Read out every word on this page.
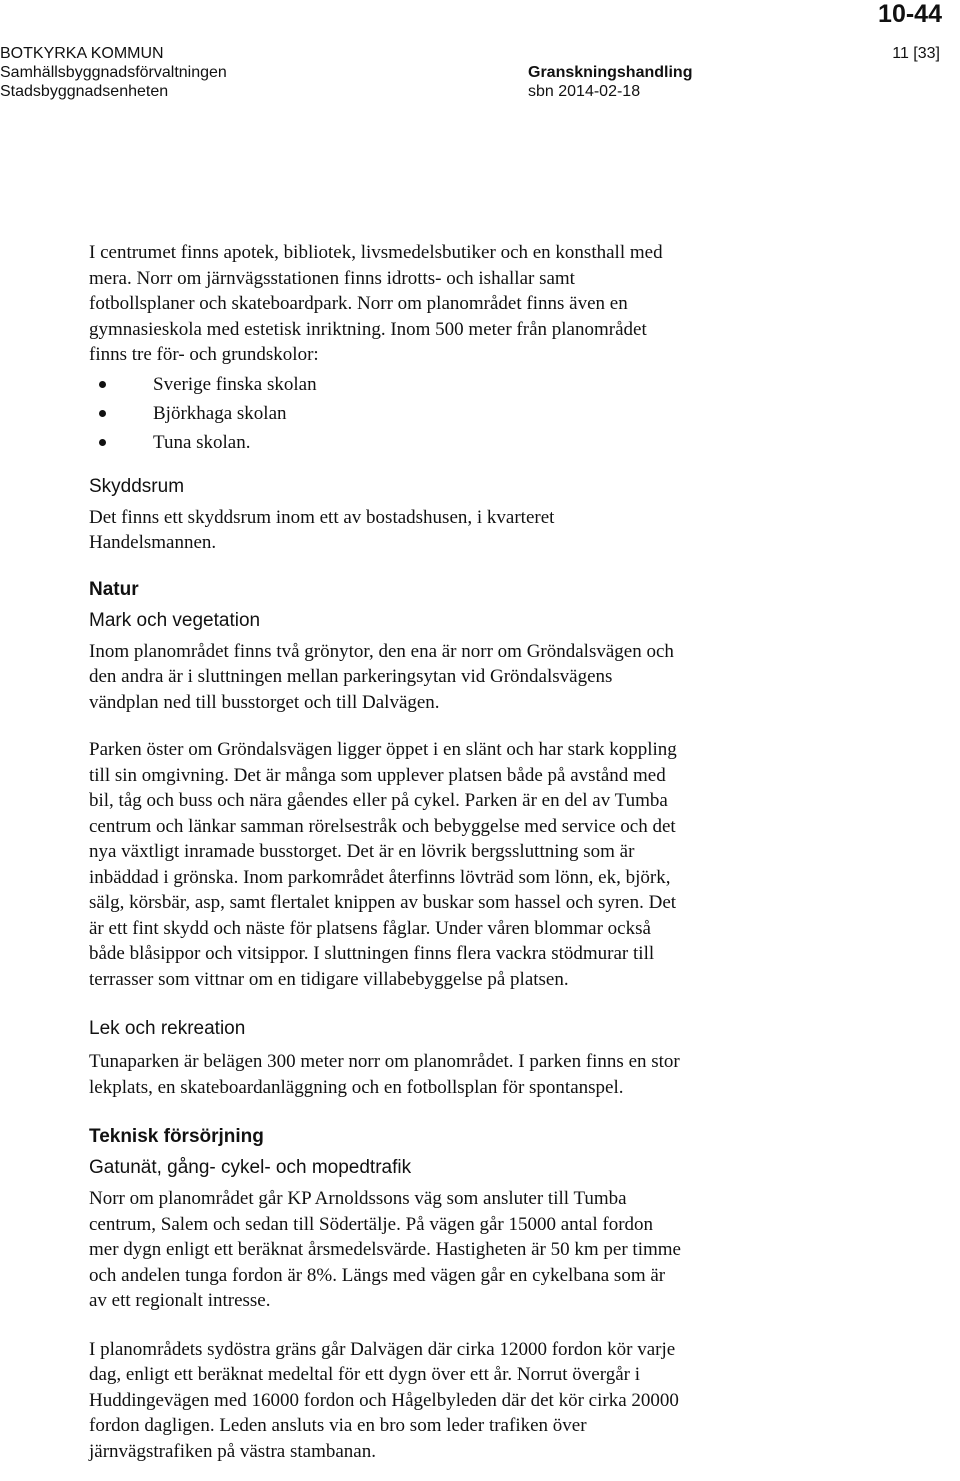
10-44
BOTKYRKA KOMMUN
Samhällsbyggnadsförvaltningen
Stadsbyggnadsenheten
Granskningshandling
sbn 2014-02-18
11 [33]

I centrumet finns apotek, bibliotek, livsmedelsbutiker och en konsthall med

mera. Norr om järnvägsstationen finns idrotts- och ishallar samt

fotbollsplaner och skateboardpark. Norr om planområdet finns även en

gymnasieskola med estetisk inriktning. Inom 500 meter från planområdet

finns tre för- och grundskolor:

Sverige finska skolan
Björkhaga skolan
Tuna skolan.

Skyddsrum

Det finns ett skyddsrum inom ett av bostadshusen, i kvarteret

Handelsmannen.

Natur

Mark och vegetation

Inom planområdet finns två grönytor, den ena är norr om Gröndalsvägen och

den andra är i sluttningen mellan parkeringsytan vid Gröndalsvägens

vändplan ned till busstorget och till Dalvägen.

Parken öster om Gröndalsvägen ligger öppet i en slänt och har stark koppling

till sin omgivning. Det är många som upplever platsen både på avstånd med

bil, tåg och buss och nära gåendes eller på cykel. Parken är en del av Tumba

centrum och länkar samman rörelsestråk och bebyggelse med service och det

nya växtligt inramade busstorget. Det är en lövrik bergssluttning som är

inbäddad i grönska. Inom parkområdet återfinns lövträd som lönn, ek, björk,

sälg, körsbär, asp, samt flertalet knippen av buskar som hassel och syren. Det

är ett fint skydd och näste för platsens fåglar. Under våren blommar också

både blåsippor och vitsippor. I sluttningen finns flera vackra stödmurar till

terrasser som vittnar om en tidigare villabebyggelse på platsen.

Lek och rekreation

Tunaparken är belägen 300 meter norr om planområdet. I parken finns en stor

lekplats, en skateboardanläggning och en fotbollsplan för spontanspel.

Teknisk försörjning

Gatunät, gång- cykel- och mopedtrafik

Norr om planområdet går KP Arnoldssons väg som ansluter till Tumba

centrum, Salem och sedan till Södertälje. På vägen går 15000 antal fordon

mer dygn enligt ett beräknat årsmedelsvärde. Hastigheten är 50 km per timme

och andelen tunga fordon är 8%. Längs med vägen går en cykelbana som är

av ett regionalt intresse.

I planområdets sydöstra gräns går Dalvägen där cirka 12000 fordon kör varje

dag, enligt ett beräknat medeltal för ett dygn över ett år. Norrut övergår i

Huddingevägen med 16000 fordon och Hågelbyleden där det kör cirka 20000

fordon dagligen. Leden ansluts via en bro som leder trafiken över

järnvägstrafiken på västra stambanan.
